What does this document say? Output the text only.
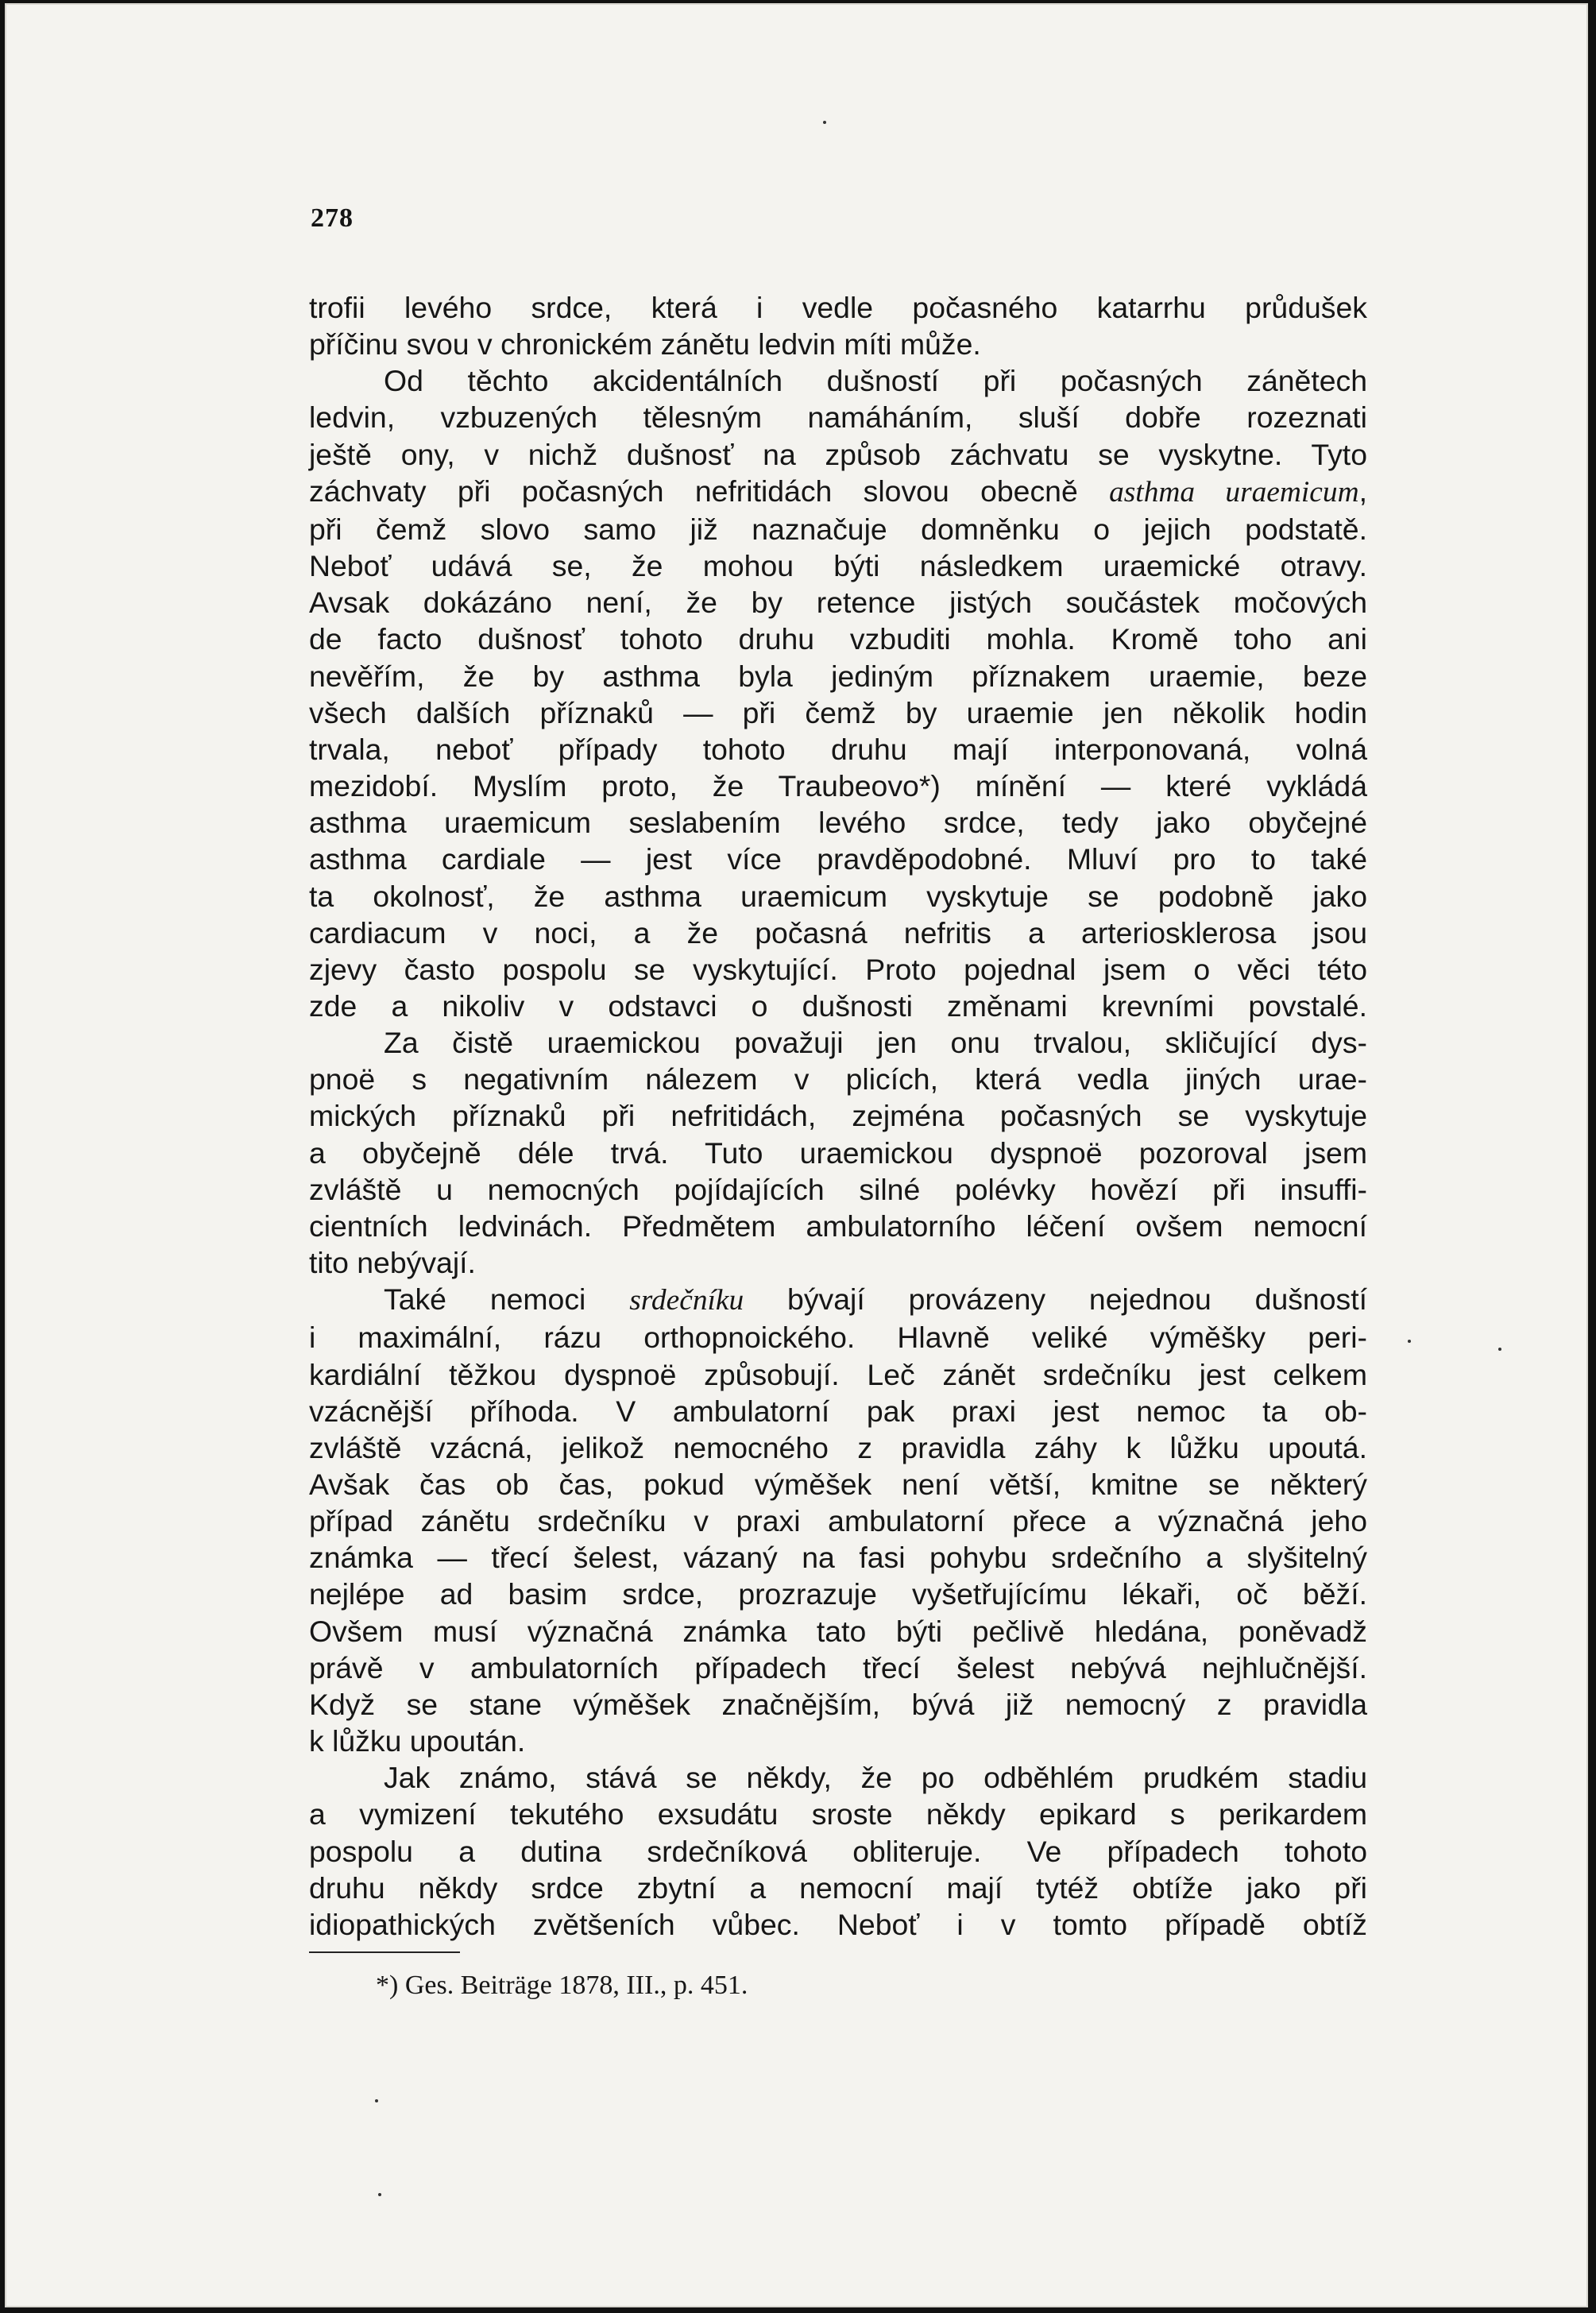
278
trofii levého srdce, která i vedle počasného katarrhu průdušek
příčinu svou v chronickém zánětu ledvin míti může.
Od těchto akcidentálních dušností při počasných zánětech
ledvin, vzbuzených tělesným namáháním, sluší dobře rozeznati
ještě ony, v nichž dušnosť na způsob záchvatu se vyskytne. Tyto
záchvaty při počasných nefritidách slovou obecně asthma uraemicum,
při čemž slovo samo již naznačuje domněnku o jejich podstatě.
Neboť udává se, že mohou býti následkem uraemické otravy.
Avsak dokázáno není, že by retence jistých součástek močových
de facto dušnosť tohoto druhu vzbuditi mohla. Kromě toho ani
nevěřím, že by asthma byla jediným příznakem uraemie, beze
všech dalších příznaků — při čemž by uraemie jen několik hodin
trvala, neboť případy tohoto druhu mají interponovaná, volná
mezidobí. Myslím proto, že Traubeovo*) mínění — které vykládá
asthma uraemicum seslabením levého srdce, tedy jako obyčejné
asthma cardiale — jest více pravděpodobné. Mluví pro to také
ta okolnosť, že asthma uraemicum vyskytuje se podobně jako
cardiacum v noci, a že počasná nefritis a arteriosklerosa jsou
zjevy často pospolu se vyskytující. Proto pojednal jsem o věci této
zde a nikoliv v odstavci o dušnosti změnami krevními povstalé.
Za čistě uraemickou považuji jen onu trvalou, skličující dys-
pnoë s negativním nálezem v plicích, která vedla jiných urae-
mických příznaků při nefritidách, zejména počasných se vyskytuje
a obyčejně déle trvá. Tuto uraemickou dyspnoë pozoroval jsem
zvláště u nemocných pojídajících silné polévky hovězí při insuffi-
cientních ledvinách. Předmětem ambulatorního léčení ovšem nemocní
tito nebývají.
Také nemoci srdečníku bývají provázeny nejednou dušností
i maximální, rázu orthopnoického. Hlavně veliké výměšky peri-
kardiální těžkou dyspnoë způsobují. Leč zánět srdečníku jest celkem
vzácnější příhoda. V ambulatorní pak praxi jest nemoc ta ob-
zvláště vzácná, jelikož nemocného z pravidla záhy k lůžku upoutá.
Avšak čas ob čas, pokud výměšek není větší, kmitne se některý
případ zánětu srdečníku v praxi ambulatorní přece a význačná jeho
známka — třecí šelest, vázaný na fasi pohybu srdečního a slyšitelný
nejlépe ad basim srdce, prozrazuje vyšetřujícímu lékaři, oč běží.
Ovšem musí význačná známka tato býti pečlivě hledána, poněvadž
právě v ambulatorních případech třecí šelest nebývá nejhlučnější.
Když se stane výměšek značnějším, bývá již nemocný z pravidla
k lůžku upoután.
Jak známo, stává se někdy, že po odběhlém prudkém stadiu
a vymizení tekutého exsudátu sroste někdy epikard s perikardem
pospolu a dutina srdečníková obliteruje. Ve případech tohoto
druhu někdy srdce zbytní a nemocní mají tytéž obtíže jako při
idiopathických zvětšeních vůbec. Neboť i v tomto případě obtíž
*) Ges. Beiträge 1878, III., p. 451.
